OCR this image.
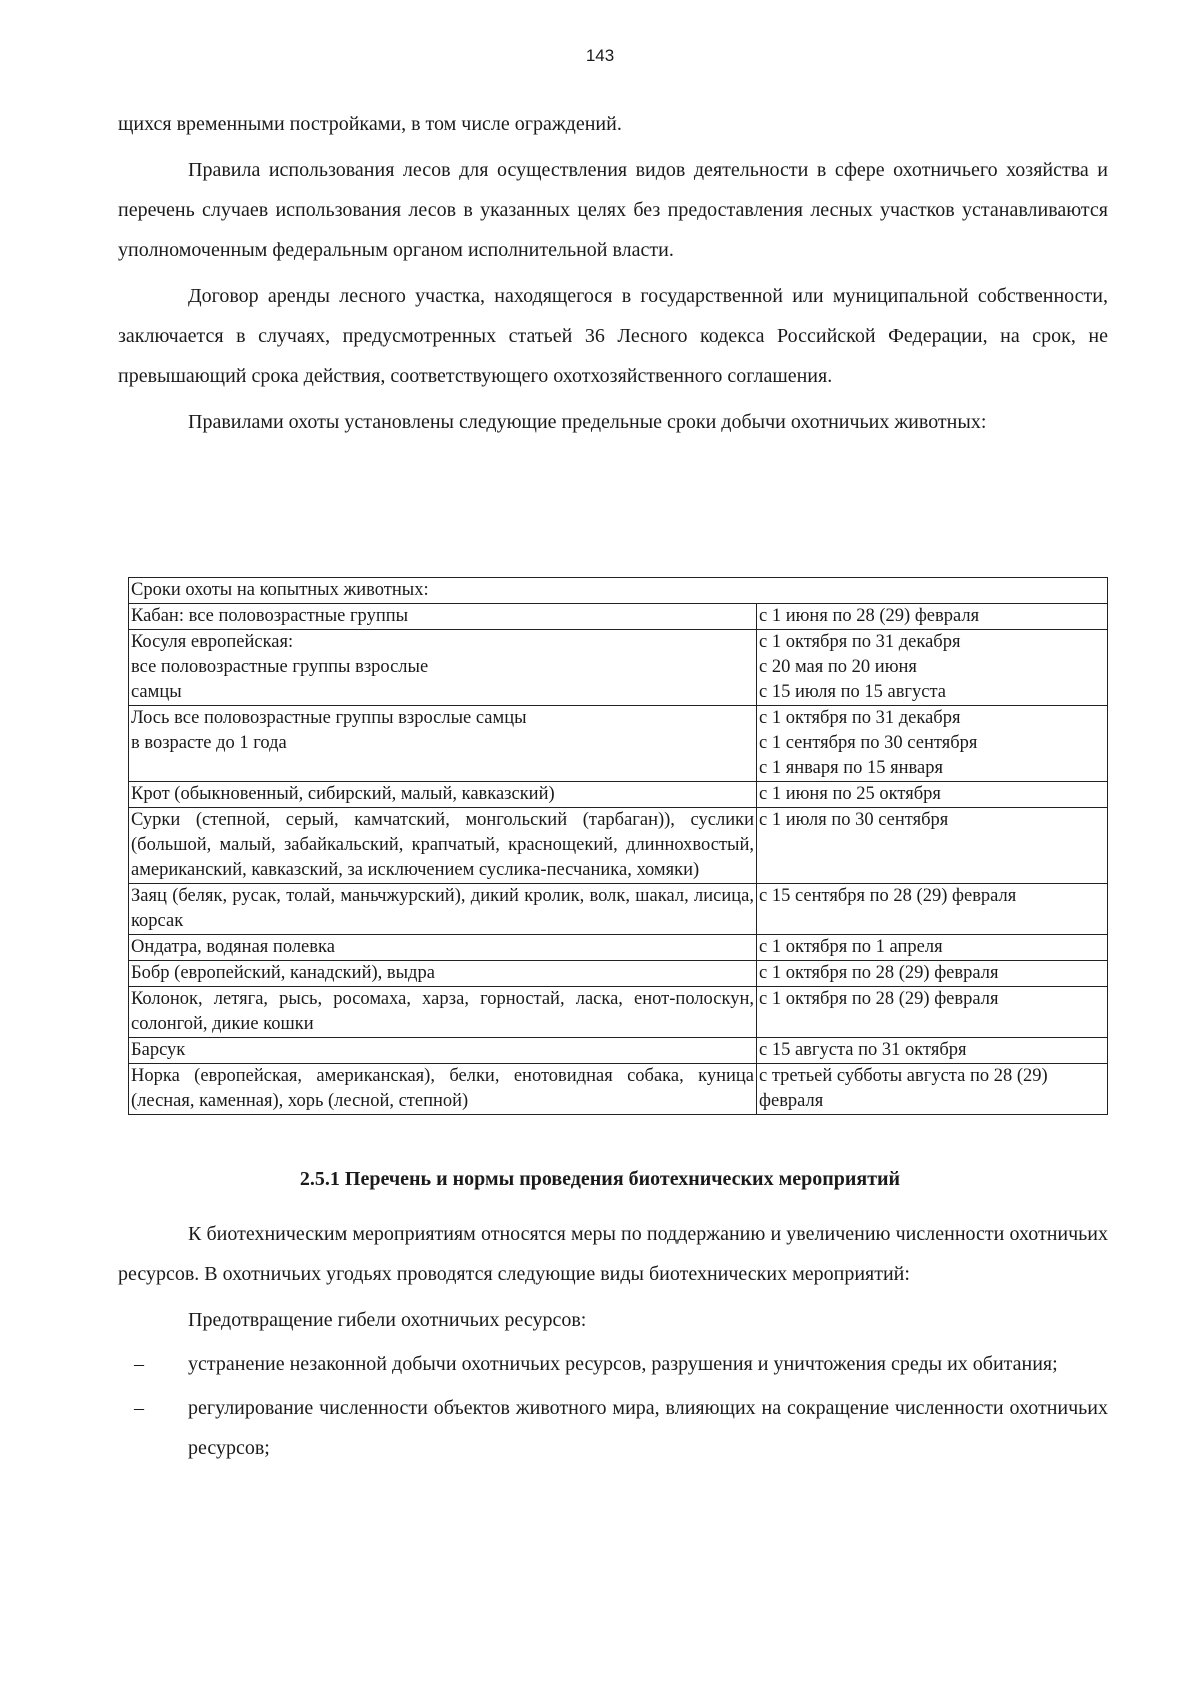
143

щихся временными постройками, в том числе ограждений.

Правила использования лесов для осуществления видов деятельности в сфере охотничьего хозяйства и перечень случаев использования лесов в указанных целях без предоставления лесных участков устанавливаются уполномоченным федеральным органом исполнительной власти.

Договор аренды лесного участка, находящегося в государственной или муниципальной собственности, заключается в случаях, предусмотренных статьей 36 Лесного кодекса Российской Федерации, на срок, не превышающий срока действия, соответствующего охотхозяйственного соглашения.

Правилами охоты установлены следующие предельные сроки добычи охотничьих животных:

Сроки охоты на копытных животных:	

Кабан: все половозрастные группы	с 1 июня по 28 (29) февраля

Косуля европейская:
все половозрастные группы взрослые
самцы	с 1 октября по 31 декабря
с 20 мая по 20 июня
с 15 июля по 15 августа

Лось все половозрастные группы взрослые самцы
в возрасте до 1 года	с 1 октября по 31 декабря
с 1 сентября по 30 сентября
с 1 января по 15 января

Крот (обыкновенный, сибирский, малый, кавказский)	с 1 июня по 25 октября

Сурки (степной, серый, камчатский, монгольский (тарбаган)), суслики (большой, малый, забайкальский, крапчатый, краснощекий, длиннохвостый, американский, кавказский, за исключением суслика-песчаника, хомяки)	с 1 июля по 30 сентября

Заяц (беляк, русак, толай, маньчжурский), дикий кролик, волк, шакал, лисица, корсак	с 15 сентября по 28 (29) февраля

Ондатра, водяная полевка	с 1 октября по 1 апреля

Бобр (европейский, канадский), выдра	с 1 октября по 28 (29) февраля

Колонок, летяга, рысь, росомаха, харза, горностай, ласка, енот-полоскун, солонгой, дикие кошки	с 1 октября по 28 (29) февраля

Барсук	с 15 августа по 31 октября

Норка (европейская, американская), белки, енотовидная собака, куница (лесная, каменная), хорь (лесной, степной)	с третьей субботы августа по 28 (29) февраля
2.5.1 Перечень и нормы проведения биотехнических мероприятий

К биотехническим мероприятиям относятся меры по поддержанию и увеличению численности охотничьих ресурсов. В охотничьих угодьях проводятся следующие виды биотехнических мероприятий:

Предотвращение гибели охотничьих ресурсов:

– устранение незаконной добычи охотничьих ресурсов, разрушения и уничтожения среды их обитания;

– регулирование численности объектов животного мира, влияющих на сокращение численности охотничьих ресурсов;
